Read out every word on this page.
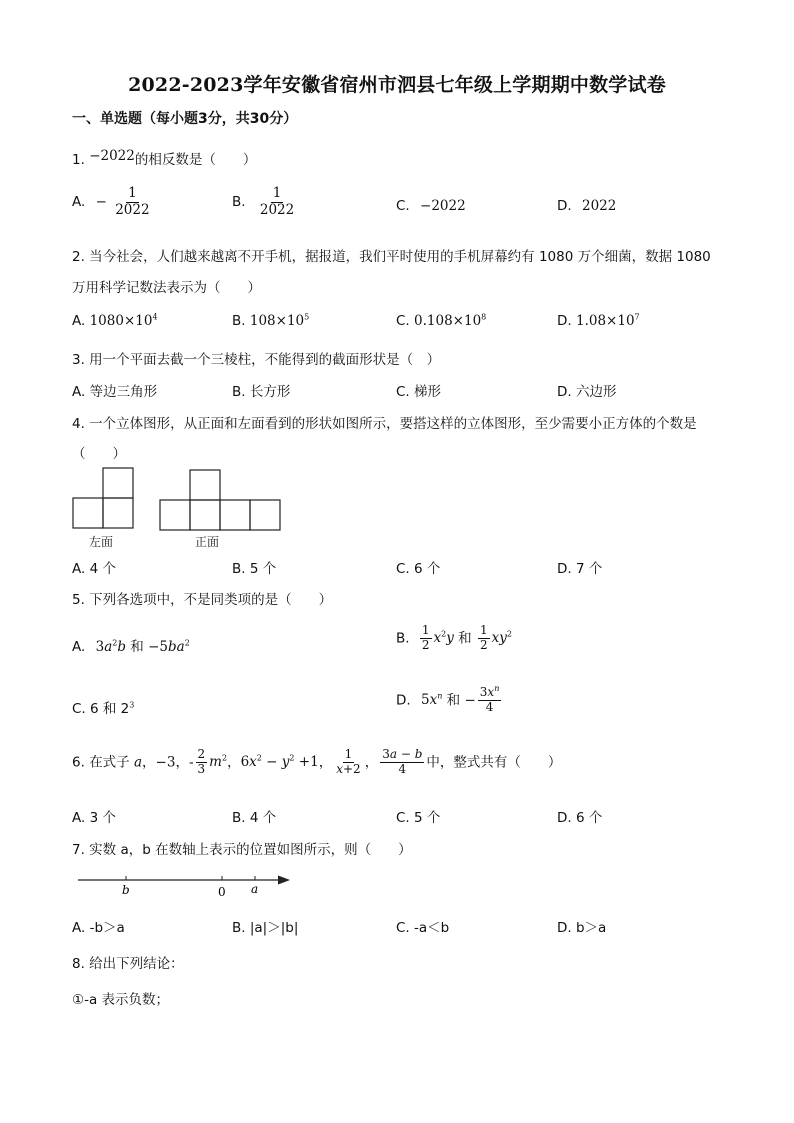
2022-2023学年安徽省宿州市泗县七年级上学期期中数学试卷
一、单选题（每小题3分，共30分）
1. −2022的相反数是（　　）
A. − $\frac{1}{2022}$	B. $\frac{1}{2022}$	C. −2022	D. 2022
2. 当今社会，人们越来越离不开手机，据报道，我们平时使用的手机屏幕约有 1080 万个细菌，数据 1080
万用科学记数法表示为（　　）
A. $1080\times 10^4$	B. $108\times 10^5$	C. $0.108\times 10^8$	D. $1.08\times 10^7$
3. 用一个平面去截一个三棱柱，不能得到的截面形状是（　）
A. 等边三角形	B. 长方形	C. 梯形	D. 六边形
4. 一个立体图形，从正面和左面看到的形状如图所示，要搭这样的立体图形，至少需要小正方体的个数是
（　　）
左面	正面
A. 4 个	B. 5 个	C. 6 个	D. 7 个
5. 下列各选项中，不是同类项的是（　　）
A. $3a^2b$ 和 $-5ba^2$	B. $\frac{1}{2} x^2y$ 和 $\frac{1}{2} xy^2$
C. 6 和 $2^3$	D. $5x^n$ 和 − $\frac{3x^n}{4}$
6. 在式子 a，−3，- $\frac{2}{3} m^2$，$6x^2 - y^2 +1$， $\frac{1}{x+2}$ ， $\frac{3a - b}{4}$ 中，整式共有（　　）
A. 3 个	B. 4 个	C. 5 个	D. 6 个
7. 实数 a，b 在数轴上表示的位置如图所示，则（　　）
b	0 a
A. -b＞a	B. |a|＞|b|	C. -a＜b	D. b＞a
8. 给出下列结论：
①-a 表示负数；
